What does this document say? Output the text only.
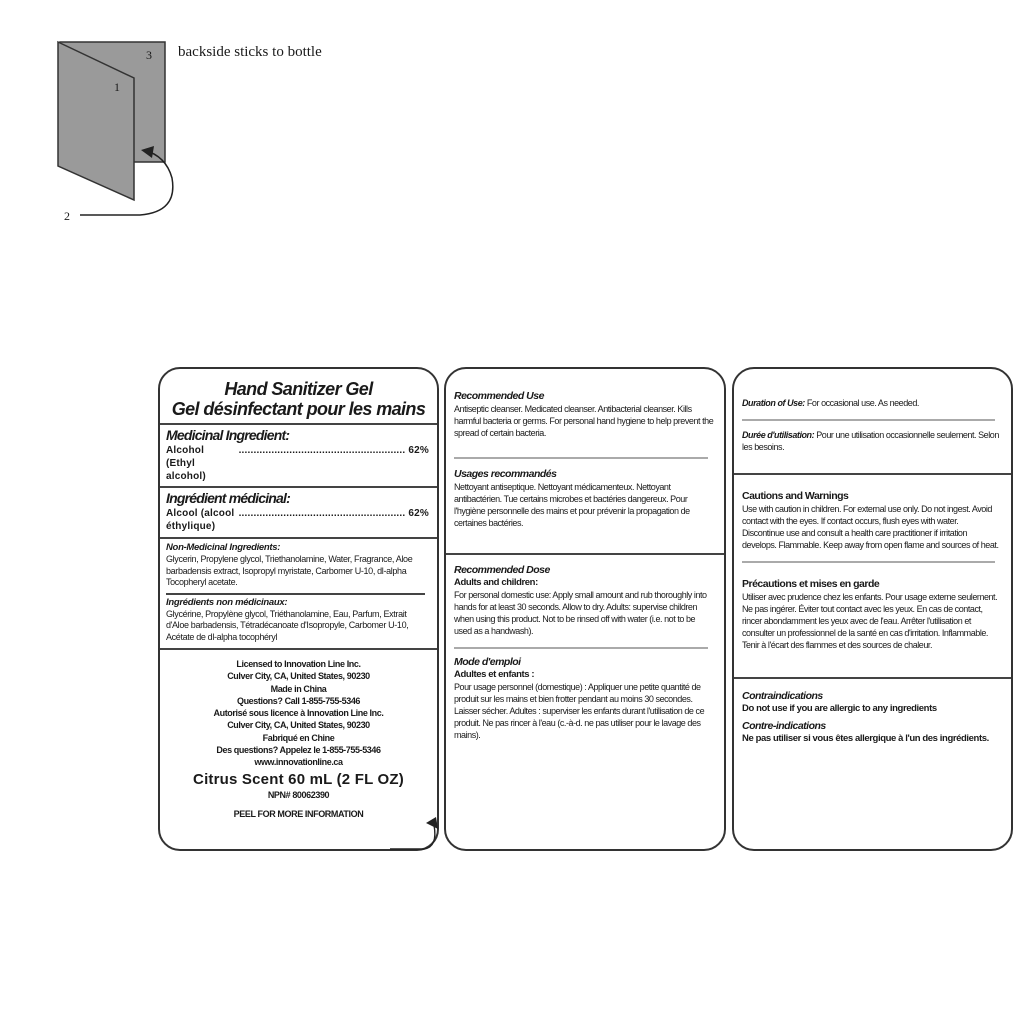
3
1
2
backside sticks to bottle
Hand Sanitizer Gel
Gel désinfectant pour les mains
Medicinal Ingredient:
Alcohol (Ethyl alcohol)
........................................................ 62%
Ingrédient médicinal:
Alcool (alcool éthylique)
........................................................ 62%
Non-Medicinal Ingredients:
Glycerin, Propylene glycol, Triethanolamine, Water, Fragrance, Aloe barbadensis extract, Isopropyl myristate, Carbomer U-10, dl-alpha Tocopheryl acetate.
Ingrédients non médicinaux:
Glycérine, Propylène glycol, Triéthanolamine, Eau, Parfum, Extrait d'Aloe barbadensis, Tétradécanoate d'Isopropyle, Carbomer U-10, Acétate de dl-alpha tocophéryl
Licensed to Innovation Line Inc.
Culver City, CA, United States, 90230
Made in China
Questions? Call 1-855-755-5346
Autorisé sous licence à Innovation Line Inc.
Culver City, CA, United States, 90230
Fabriqué en Chine
Des questions? Appelez le 1-855-755-5346
www.innovationline.ca
Citrus Scent 60 mL (2 FL OZ)
NPN# 80062390
PEEL FOR MORE INFORMATION
Recommended Use
Antiseptic cleanser. Medicated cleanser. Antibacterial cleanser. Kills harmful bacteria or germs. For personal hand hygiene to help prevent the spread of certain bacteria.
Usages recommandés
Nettoyant antiseptique. Nettoyant médicamenteux. Nettoyant antibactérien. Tue certains microbes et bactéries dangereux. Pour l'hygiène personnelle des mains et pour prévenir la propagation de certaines bactéries.
Recommended Dose
Adults and children:
For personal domestic use: Apply small amount and rub thoroughly into hands for at least 30 seconds. Allow to dry. Adults: supervise children when using this product. Not to be rinsed off with water (i.e. not to be used as a handwash).
Mode d'emploi
Adultes et enfants :
Pour usage personnel (domestique) : Appliquer une petite quantité de produit sur les mains et bien frotter pendant au moins 30 secondes. Laisser sécher. Adultes : superviser les enfants durant l'utilisation de ce produit. Ne pas rincer à l'eau (c.-à-d. ne pas utiliser pour le lavage des mains).
Duration of Use: For occasional use. As needed.
Durée d'utilisation: Pour une utilisation occasionnelle seulement. Selon les besoins.
Cautions and Warnings
Use with caution in children. For external use only. Do not ingest. Avoid contact with the eyes. If contact occurs, flush eyes with water. Discontinue use and consult a health care practitioner if irritation develops. Flammable. Keep away from open flame and sources of heat.
Précautions et mises en garde
Utiliser avec prudence chez les enfants. Pour usage externe seulement. Ne pas ingérer. Éviter tout contact avec les yeux. En cas de contact, rincer abondamment les yeux avec de l'eau. Arrêter l'utilisation et consulter un professionnel de la santé en cas d'irritation. Inflammable. Tenir à l'écart des flammes et des sources de chaleur.
Contraindications
Do not use if you are allergic to any ingredients
Contre-indications
Ne pas utiliser si vous êtes allergique à l'un des ingrédients.
